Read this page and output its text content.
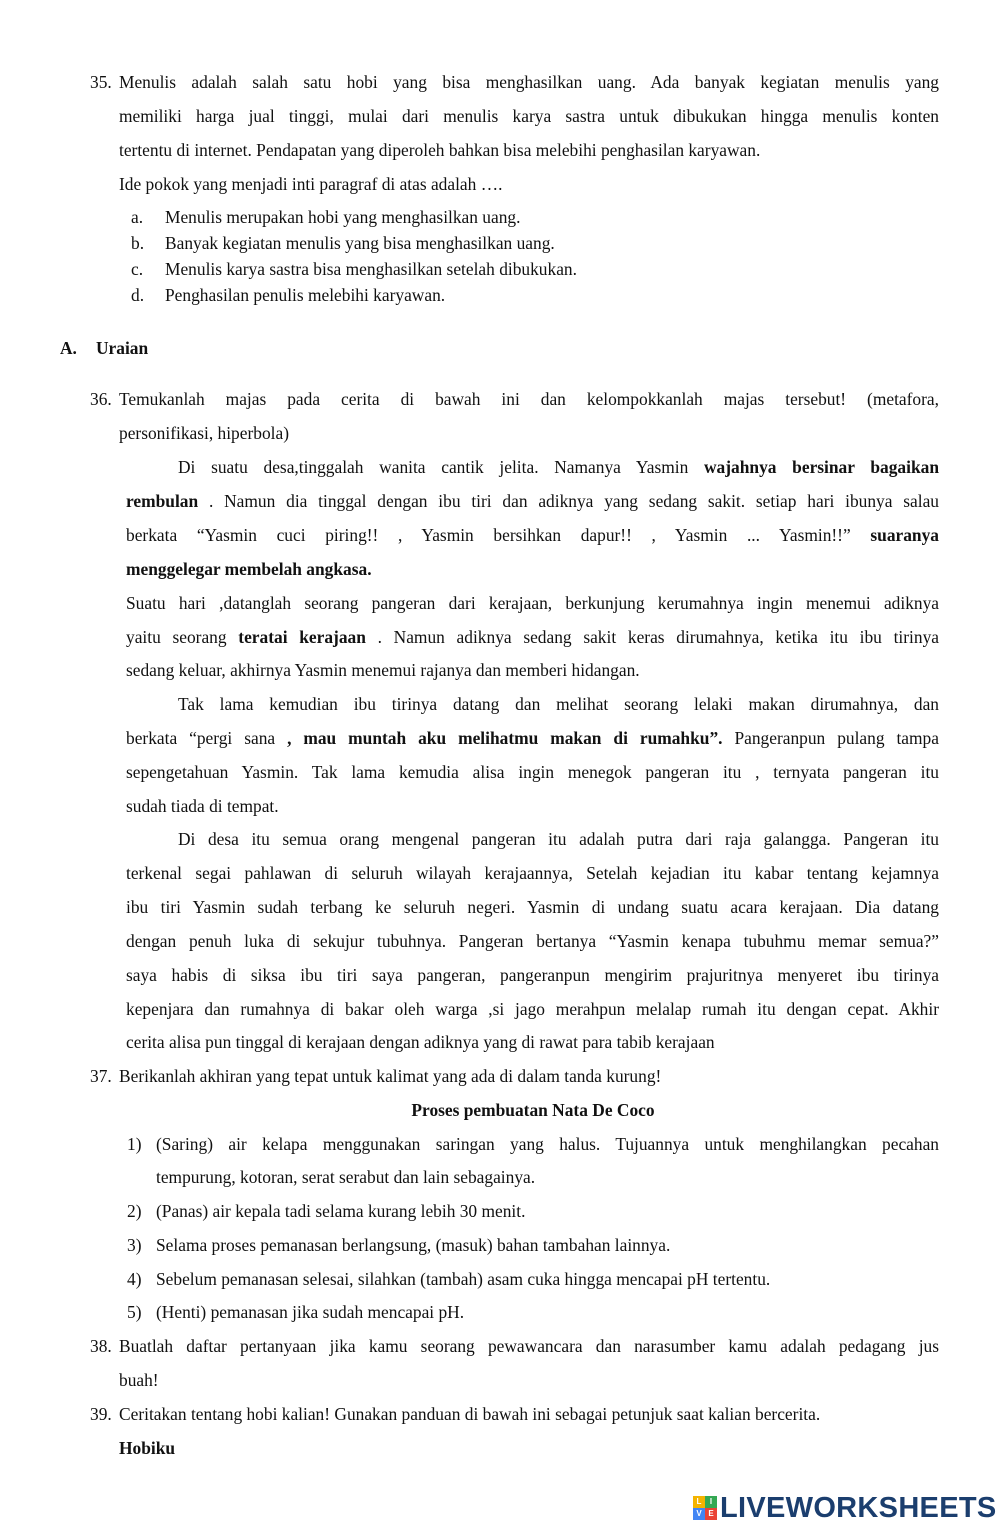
35. Menulis adalah salah satu hobi yang bisa menghasilkan uang. Ada banyak kegiatan menulis yang
memiliki harga jual tinggi, mulai dari menulis karya sastra untuk dibukukan hingga menulis konten
tertentu di internet. Pendapatan yang diperoleh bahkan bisa melebihi penghasilan karyawan.
Ide pokok yang menjadi inti paragraf di atas adalah ….
a. Menulis merupakan hobi yang menghasilkan uang.
b. Banyak kegiatan menulis yang bisa menghasilkan uang.
c. Menulis karya sastra bisa menghasilkan setelah dibukukan.
d. Penghasilan penulis melebihi karyawan.
A. Uraian
36. Temukanlah majas pada cerita di bawah ini dan kelompokkanlah majas tersebut! (metafora,
personifikasi, hiperbola)
Di suatu desa,tinggalah wanita cantik jelita. Namanya Yasmin wajahnya bersinar bagaikan
rembulan . Namun dia tinggal dengan ibu tiri dan adiknya yang sedang sakit. setiap hari ibunya salau
berkata “Yasmin cuci piring!! , Yasmin bersihkan dapur!! , Yasmin ... Yasmin!!” suaranya
menggelegar membelah angkasa.
Suatu hari ,datanglah seorang pangeran dari kerajaan, berkunjung kerumahnya ingin menemui adiknya
yaitu seorang teratai kerajaan . Namun adiknya sedang sakit keras dirumahnya, ketika itu ibu tirinya
sedang keluar, akhirnya Yasmin menemui rajanya dan memberi hidangan.
Tak lama kemudian ibu tirinya datang dan melihat seorang lelaki makan dirumahnya, dan
berkata “pergi sana , mau muntah aku melihatmu makan di rumahku”. Pangeranpun pulang tampa
sepengetahuan Yasmin. Tak lama kemudia alisa ingin menegok pangeran itu , ternyata pangeran itu
sudah tiada di tempat.
Di desa itu semua orang mengenal pangeran itu adalah putra dari raja galangga. Pangeran itu
terkenal segai pahlawan di seluruh wilayah kerajaannya, Setelah kejadian itu kabar tentang kejamnya
ibu tiri Yasmin sudah terbang ke seluruh negeri. Yasmin di undang suatu acara kerajaan. Dia datang
dengan penuh luka di sekujur tubuhnya. Pangeran bertanya “Yasmin kenapa tubuhmu memar semua?”
saya habis di siksa ibu tiri saya pangeran, pangeranpun mengirim prajuritnya menyeret ibu tirinya
kepenjara dan rumahnya di bakar oleh warga ,si jago merahpun melalap rumah itu dengan cepat. Akhir
cerita alisa pun tinggal di kerajaan dengan adiknya yang di rawat para tabib kerajaan
37. Berikanlah akhiran yang tepat untuk kalimat yang ada di dalam tanda kurung!
Proses pembuatan Nata De Coco
1) (Saring) air kelapa menggunakan saringan yang halus. Tujuannya untuk menghilangkan pecahan
tempurung, kotoran, serat serabut dan lain sebagainya.
2) (Panas) air kepala tadi selama kurang lebih 30 menit.
3) Selama proses pemanasan berlangsung, (masuk) bahan tambahan lainnya.
4) Sebelum pemanasan selesai, silahkan (tambah) asam cuka hingga mencapai pH tertentu.
5) (Henti) pemanasan jika sudah mencapai pH.
38. Buatlah daftar pertanyaan jika kamu seorang pewawancara dan narasumber kamu adalah pedagang jus
buah!
39. Ceritakan tentang hobi kalian! Gunakan panduan di bawah ini sebagai petunjuk saat kalian bercerita.
Hobiku
L	I
V E LIVEWORKSHEETS
